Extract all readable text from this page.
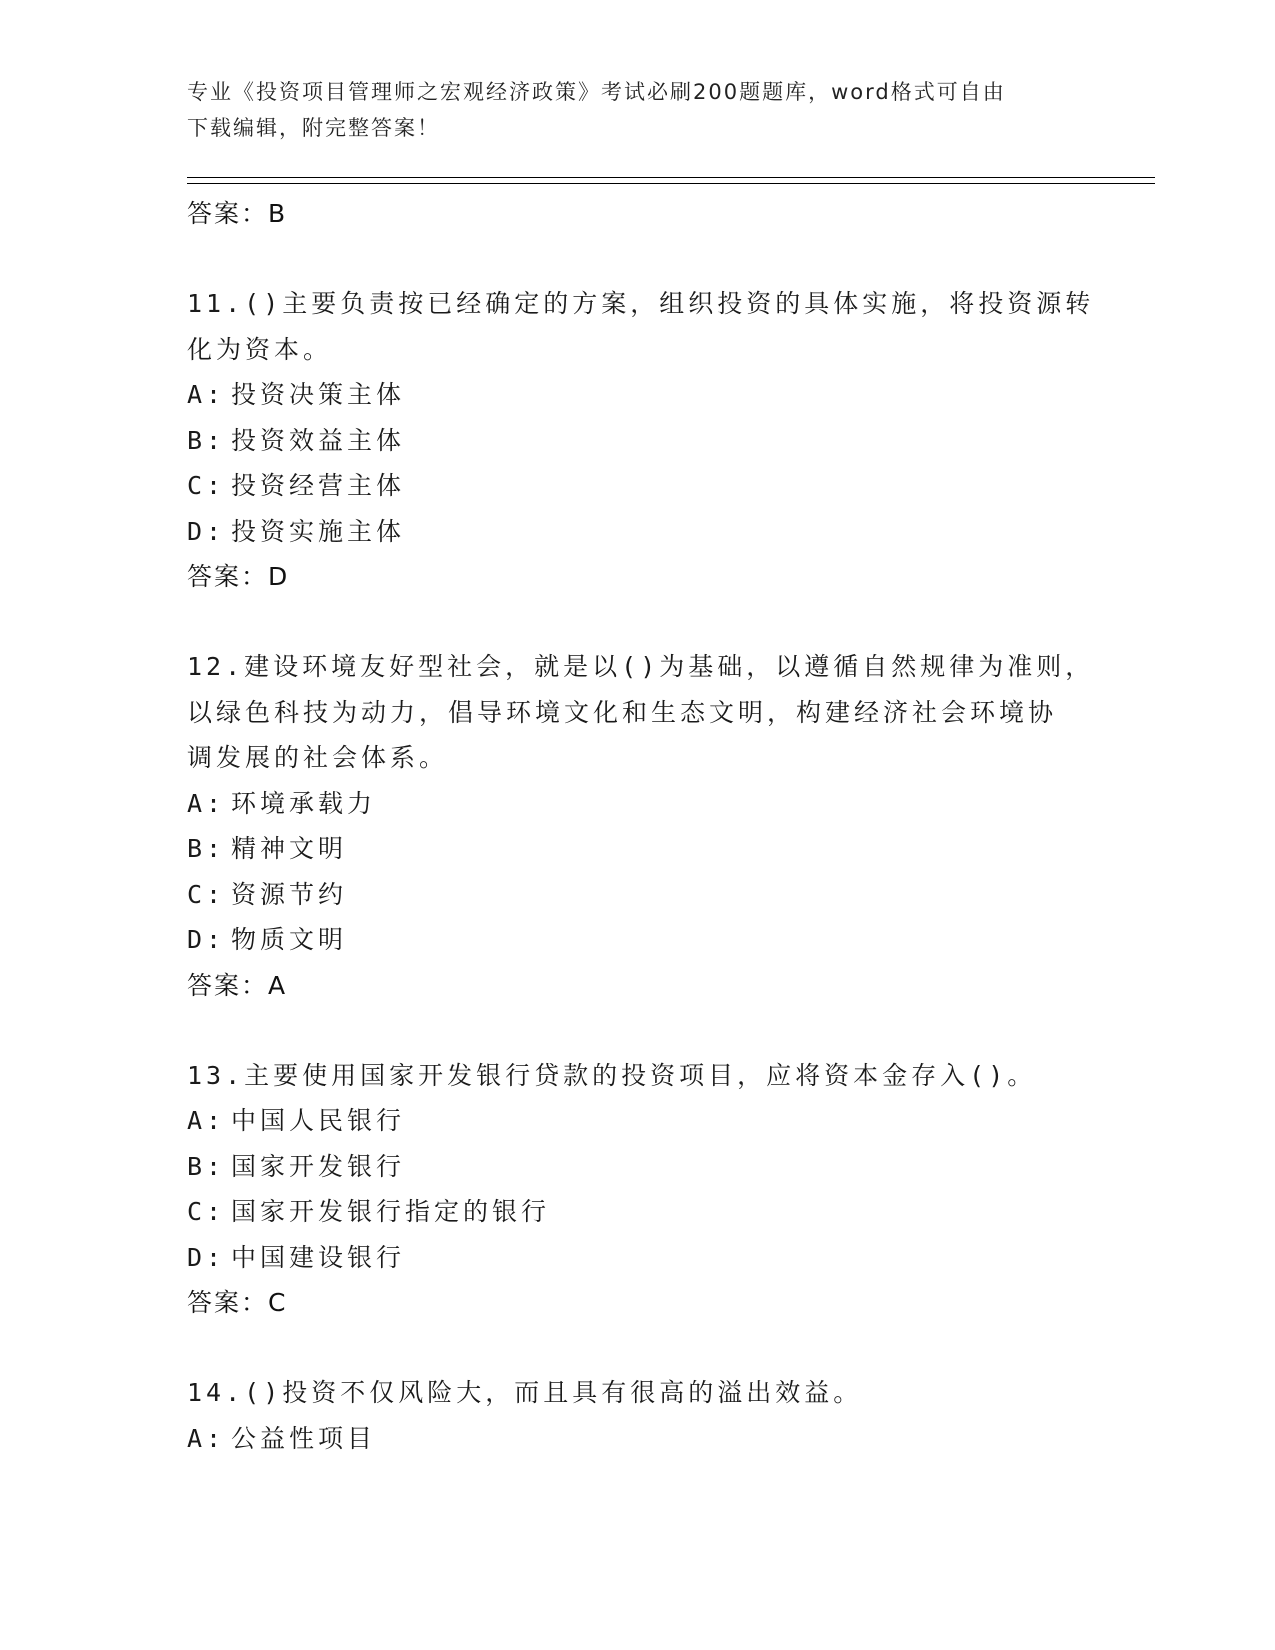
专业《投资项目管理师之宏观经济政策》考试必刷200题题库，word格式可自由
下载编辑，附完整答案！
答案：B
11.()主要负责按已经确定的方案，组织投资的具体实施，将投资源转
化为资本。
A: 投资决策主体
B: 投资效益主体
C: 投资经营主体
D: 投资实施主体
答案：D
12.建设环境友好型社会，就是以()为基础，以遵循自然规律为准则，
以绿色科技为动力，倡导环境文化和生态文明，构建经济社会环境协
调发展的社会体系。
A: 环境承载力
B: 精神文明
C: 资源节约
D: 物质文明
答案：A
13.主要使用国家开发银行贷款的投资项目，应将资本金存入()。
A: 中国人民银行
B: 国家开发银行
C: 国家开发银行指定的银行
D: 中国建设银行
答案：C
14.()投资不仅风险大，而且具有很高的溢出效益。
A: 公益性项目
